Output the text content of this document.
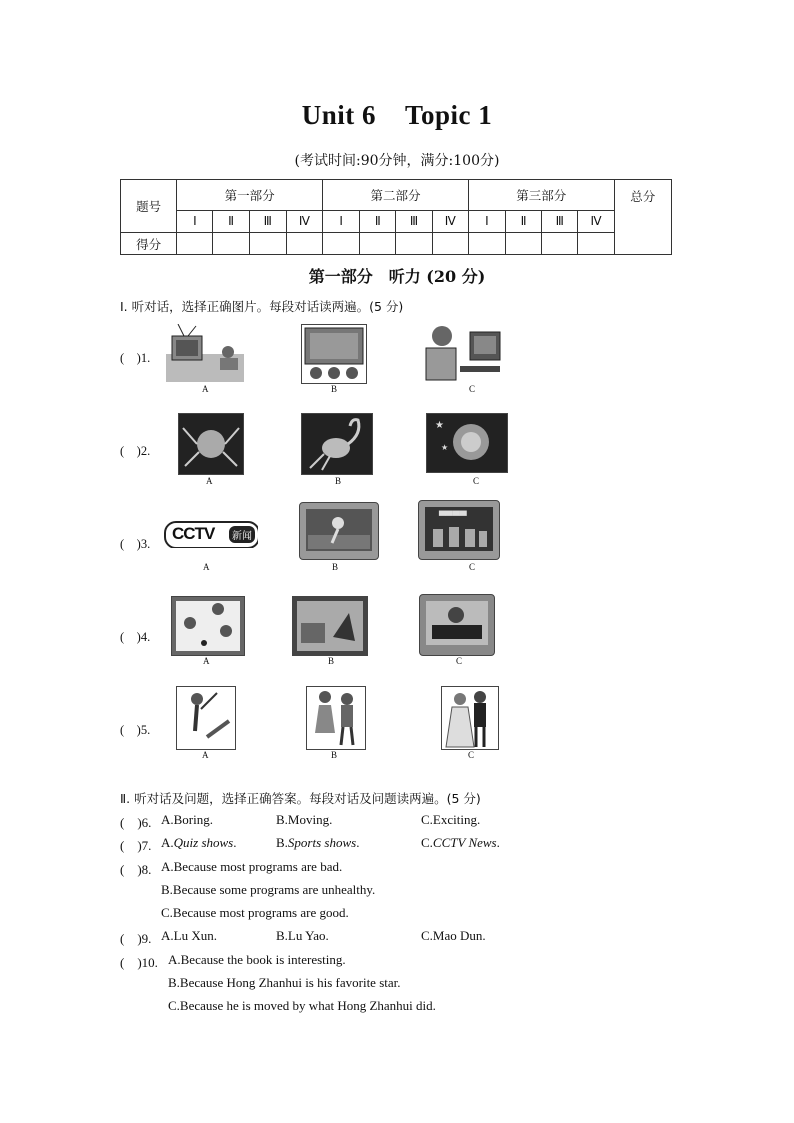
Unit 6 Topic 1
(考试时间:90分钟，满分:100分)
题号	第一部分				第二部分				第三部分				总分
	Ⅰ	Ⅱ	Ⅲ	Ⅳ	Ⅰ	Ⅱ	Ⅲ	Ⅳ	Ⅰ	Ⅱ	Ⅲ	Ⅳ	
得分													
第一部分　听力 (20 分)
Ⅰ. 听对话，选择正确图片。每段对话读两遍。(5 分)
(　)1.
A	B	C
(　)2.
A	B
★
★
C
(　)3.
CCTV	新闻
A	B
▀▀▀▀
C
(　)4.
A	B	C
(　)5.
A	B	C
Ⅱ. 听对话及问题，选择正确答案。每段对话及问题读两遍。(5 分)
(　)6. A.Boring.	B.Moving.	C.Exciting.
(　)7. A.Quiz shows.	B.Sports shows.	C.CCTV News.
(　)8. A.Because most programs are bad.
B.Because some programs are unhealthy.
C.Because most programs are good.
(　)9. A.Lu Xun.	B.Lu Yao.	C.Mao Dun.
(　)10. A.Because the book is interesting.
B.Because Hong Zhanhui is his favorite star.
C.Because he is moved by what Hong Zhanhui did.
